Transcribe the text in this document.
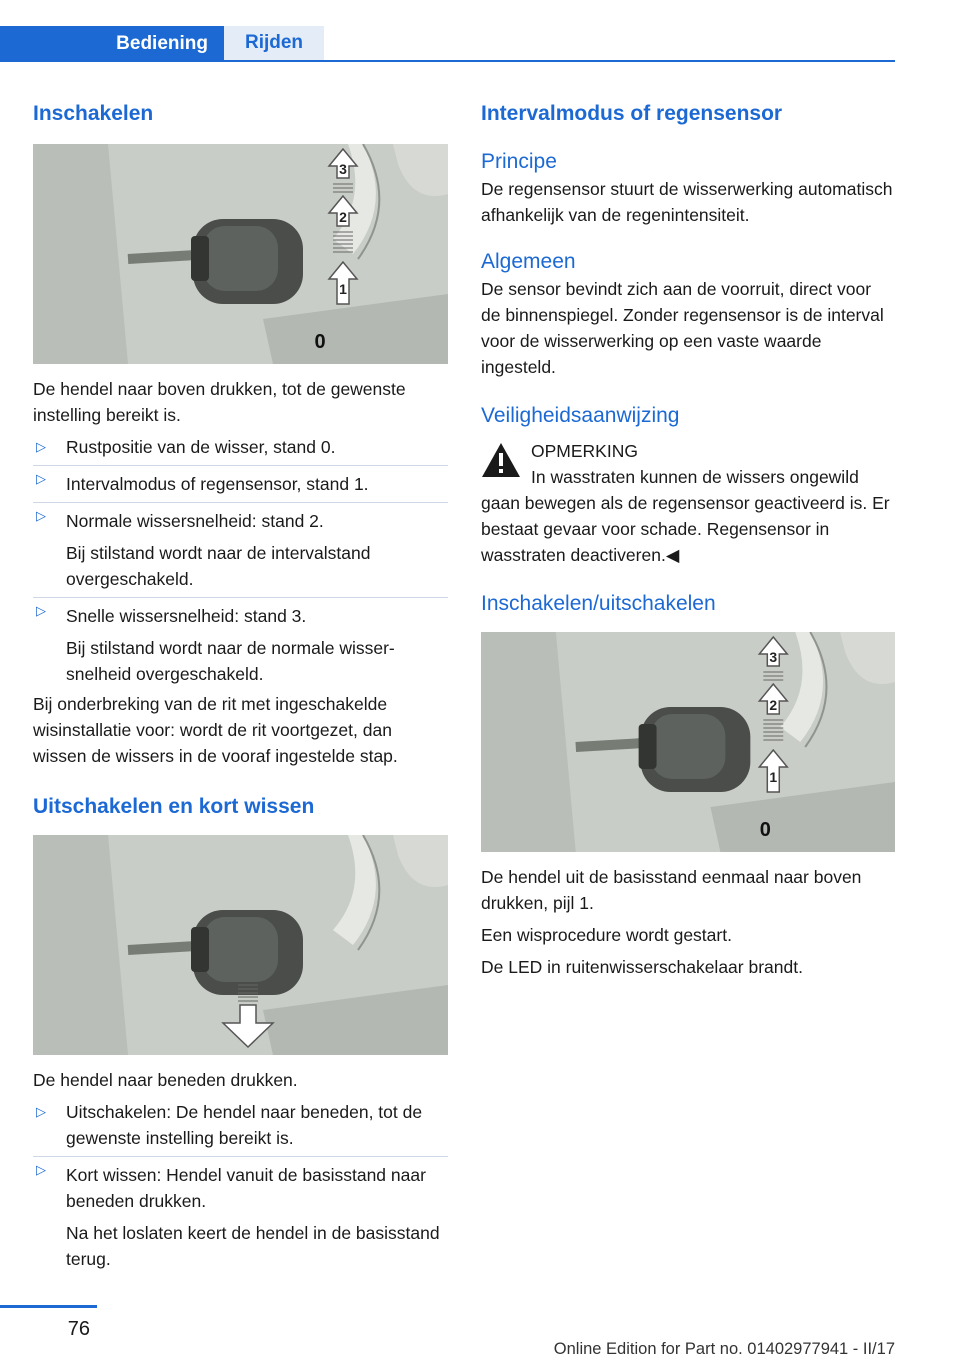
Bediening	Rijden
Inschakelen
3
2
1
0

De hendel naar boven drukken, tot de gewenste instelling bereikt is.

▷ Rustpositie van de wisser, stand 0.
▷ Intervalmodus of regensensor, stand 1.
▷ Normale wissersnelheid: stand 2.
Bij stilstand wordt naar de intervalstand overgeschakeld.
▷ Snelle wissersnelheid: stand 3.
Bij stilstand wordt naar de normale wissersnelheid overgeschakeld.

Bij onderbreking van de rit met ingeschakelde wisinstallatie voor: wordt de rit voortgezet, dan wissen de wissers in de vooraf ingestelde stap.

Uitschakelen en kort wissen

De hendel naar beneden drukken.

▷ Uitschakelen: De hendel naar beneden, tot de gewenste instelling bereikt is.
▷ Kort wissen: Hendel vanuit de basisstand naar beneden drukken.
Na het loslaten keert de hendel in de basisstand terug.
Intervalmodus of regensensor
Principe

De regensensor stuurt de wisserwerking automatisch afhankelijk van de regenintensiteit.

Algemeen

De sensor bevindt zich aan de voorruit, direct voor de binnenspiegel. Zonder regensensor is de interval voor de wisserwerking op een vaste waarde ingesteld.

Veiligheidsaanwijzing
OPMERKING

In wasstraten kunnen de wissers ongewild gaan bewegen als de regensensor geactiveerd is. Er bestaat gevaar voor schade. Regensensor in wasstraten deactiveren.◀

Inschakelen/uitschakelen
3
2
1
0

De hendel uit de basisstand eenmaal naar boven drukken, pijl 1.

Een wisprocedure wordt gestart.

De LED in ruitenwisserschakelaar brandt.

76
Online Edition for Part no. 01402977941 - II/17
